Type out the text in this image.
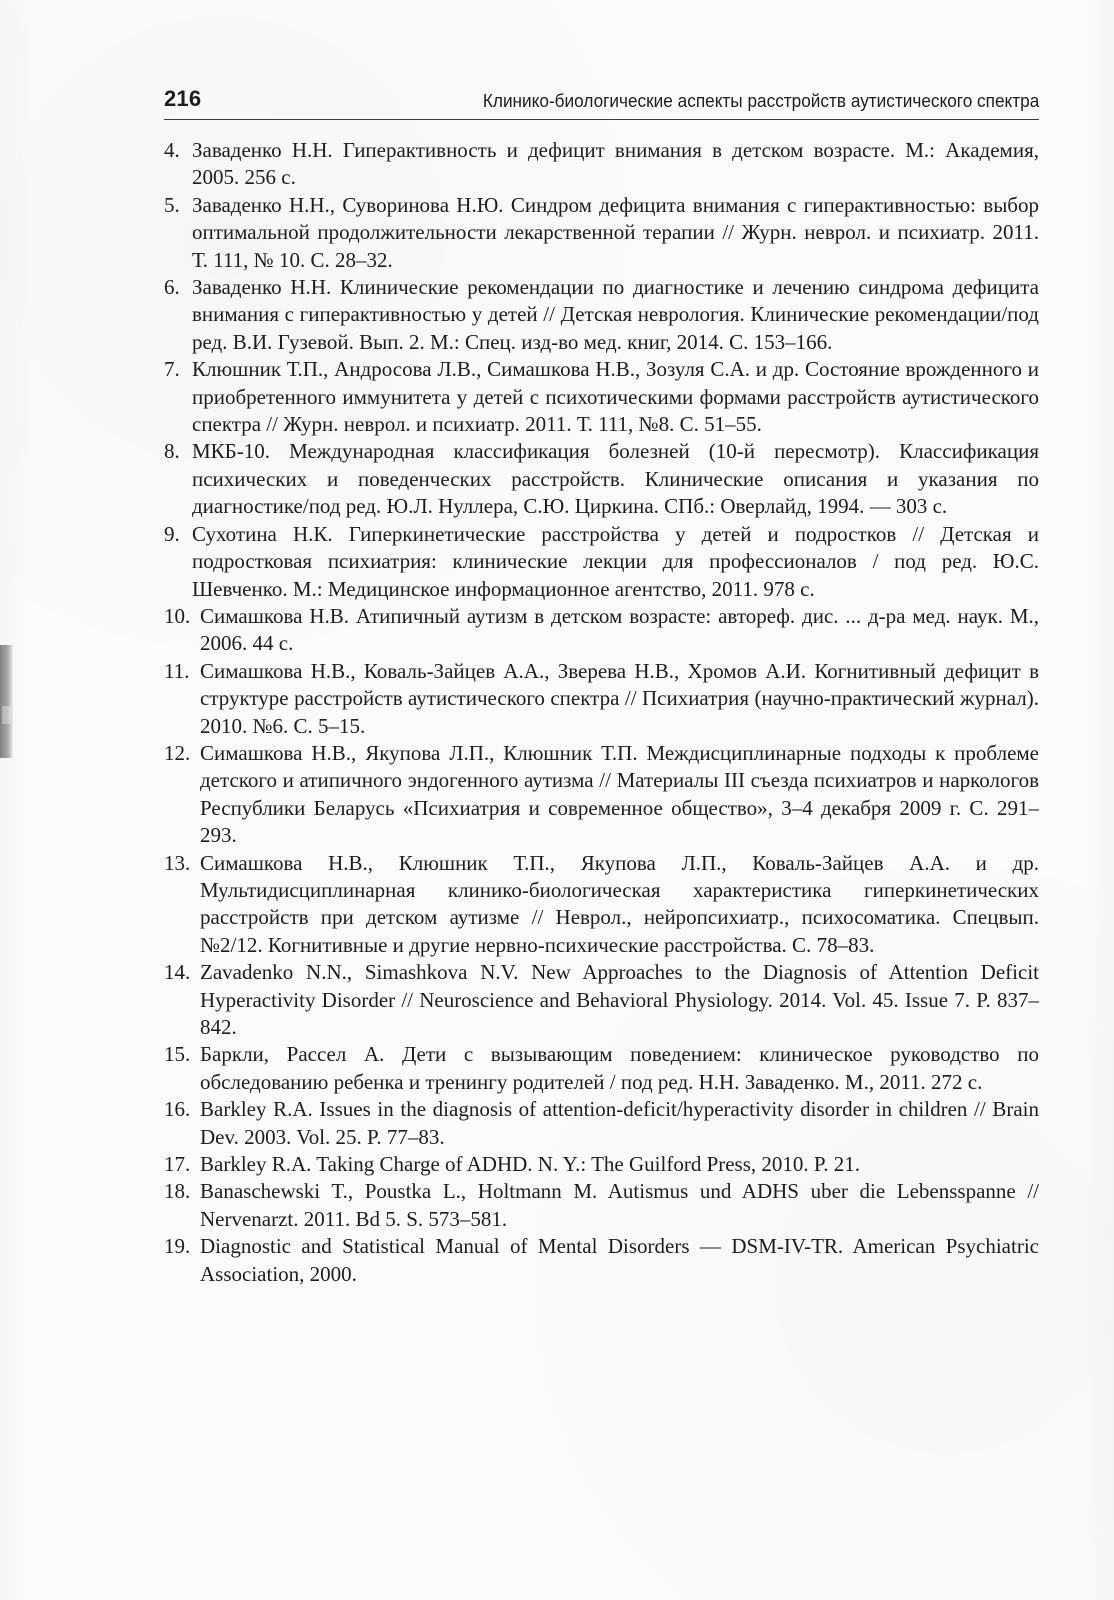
216	Клинико-биологические аспекты расстройств аутистического спектра
4. Заваденко Н.Н. Гиперактивность и дефицит внимания в детском возрасте. М.: Академия, 2005. 256 с.
5. Заваденко Н.Н., Суворинова Н.Ю. Синдром дефицита внимания с гиперактивностью: выбор оптимальной продолжительности лекарственной терапии // Журн. неврол. и психиатр. 2011. Т. 111, № 10. С. 28–32.
6. Заваденко Н.Н. Клинические рекомендации по диагностике и лечению синдрома дефицита внимания с гиперактивностью у детей // Детская неврология. Клинические рекомендации/под ред. В.И. Гузевой. Вып. 2. М.: Спец. изд-во мед. книг, 2014. С. 153–166.
7. Клюшник Т.П., Андросова Л.В., Симашкова Н.В., Зозуля С.А. и др. Состояние врожденного и приобретенного иммунитета у детей с психотическими формами расстройств аутистического спектра // Журн. неврол. и психиатр. 2011. Т. 111, №8. С. 51–55.
8. МКБ-10. Международная классификация болезней (10-й пересмотр). Классификация психических и поведенческих расстройств. Клинические описания и указания по диагностике/под ред. Ю.Л. Нуллера, С.Ю. Циркина. СПб.: Оверлайд, 1994. — 303 с.
9. Сухотина Н.К. Гиперкинетические расстройства у детей и подростков // Детская и подростковая психиатрия: клинические лекции для профессионалов / под ред. Ю.С. Шевченко. М.: Медицинское информационное агентство, 2011. 978 с.
10. Симашкова Н.В. Атипичный аутизм в детском возрасте: автореф. дис. ... д-ра мед. наук. М., 2006. 44 с.
11. Симашкова Н.В., Коваль-Зайцев А.А., Зверева Н.В., Хромов А.И. Когнитивный дефицит в структуре расстройств аутистического спектра // Психиатрия (научно-практический журнал). 2010. №6. С. 5–15.
12. Симашкова Н.В., Якупова Л.П., Клюшник Т.П. Междисциплинарные подходы к проблеме детского и атипичного эндогенного аутизма // Материалы III съезда психиатров и наркологов Республики Беларусь «Психиатрия и современное общество», 3–4 декабря 2009 г. С. 291–293.
13. Симашкова Н.В., Клюшник Т.П., Якупова Л.П., Коваль-Зайцев А.А. и др. Мультидисциплинарная клинико-биологическая характеристика гиперкинетических расстройств при детском аутизме // Неврол., нейропсихиатр., психосоматика. Спецвып. №2/12. Когнитивные и другие нервно-психические расстройства. С. 78–83.
14. Zavadenko N.N., Simashkova N.V. New Approaches to the Diagnosis of Attention Deficit Hyperactivity Disorder // Neuroscience and Behavioral Physiology. 2014. Vol. 45. Issue 7. P. 837–842.
15. Баркли, Рассел А. Дети с вызывающим поведением: клиническое руководство по обследованию ребенка и тренингу родителей / под ред. Н.Н. Заваденко. М., 2011. 272 с.
16. Barkley R.A. Issues in the diagnosis of attention-deficit/hyperactivity disorder in children // Brain Dev. 2003. Vol. 25. P. 77–83.
17. Barkley R.A. Taking Charge of ADHD. N. Y.: The Guilford Press, 2010. P. 21.
18. Banaschewski T., Poustka L., Holtmann M. Autismus und ADHS uber die Lebensspanne // Nervenarzt. 2011. Bd 5. S. 573–581.
19. Diagnostic and Statistical Manual of Mental Disorders — DSM-IV-TR. American Psychiatric Association, 2000.
